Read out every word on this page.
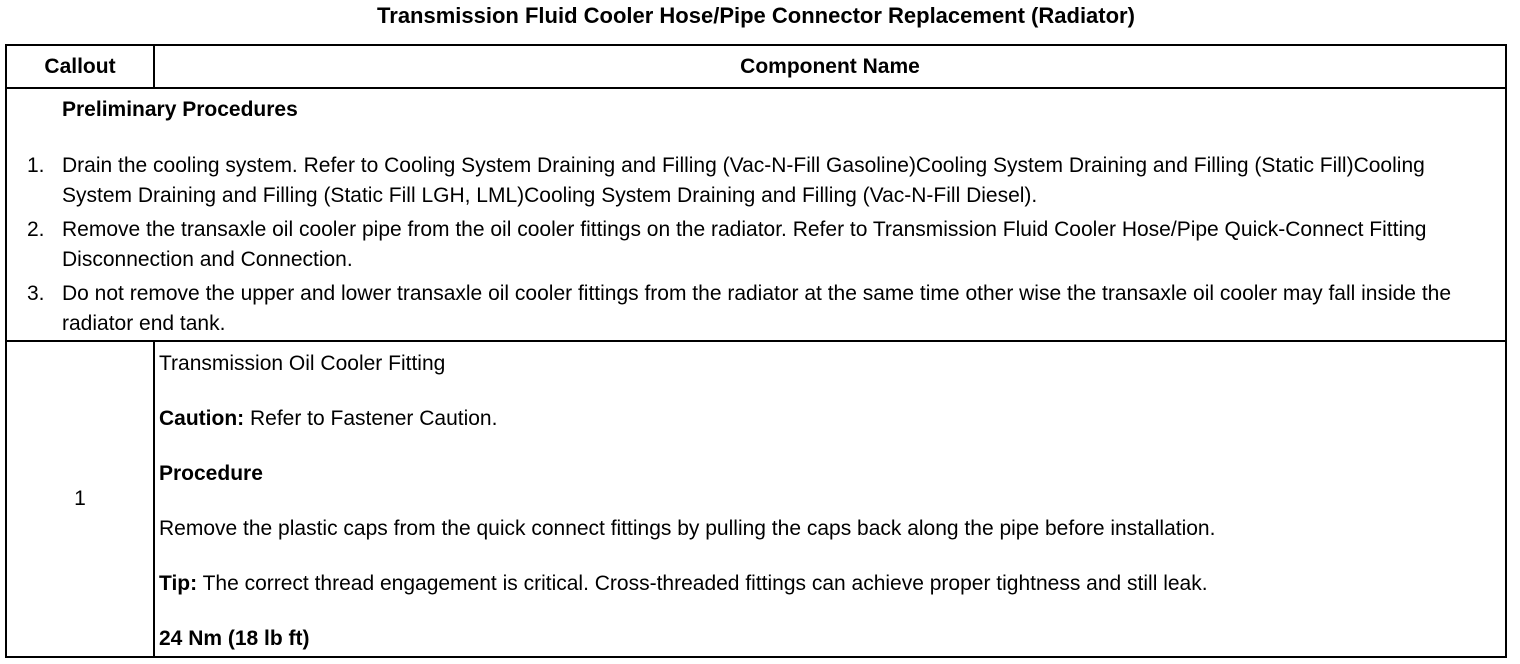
Transmission Fluid Cooler Hose/Pipe Connector Replacement (Radiator)
Callout	Component Name
Preliminary Procedures
1. Drain the cooling system. Refer to Cooling System Draining and Filling (Vac-N-Fill Gasoline)Cooling System Draining and Filling (Static Fill)Cooling System Draining and Filling (Static Fill LGH, LML)Cooling System Draining and Filling (Vac-N-Fill Diesel).
2. Remove the transaxle oil cooler pipe from the oil cooler fittings on the radiator. Refer to Transmission Fluid Cooler Hose/Pipe Quick-Connect Fitting Disconnection and Connection.
3. Do not remove the upper and lower transaxle oil cooler fittings from the radiator at the same time other wise the transaxle oil cooler may fall inside the radiator end tank.
1

Transmission Oil Cooler Fitting

Caution: Refer to Fastener Caution.

Procedure

Remove the plastic caps from the quick connect fittings by pulling the caps back along the pipe before installation.

Tip: The correct thread engagement is critical. Cross-threaded fittings can achieve proper tightness and still leak.

24 Nm (18 lb ft)
